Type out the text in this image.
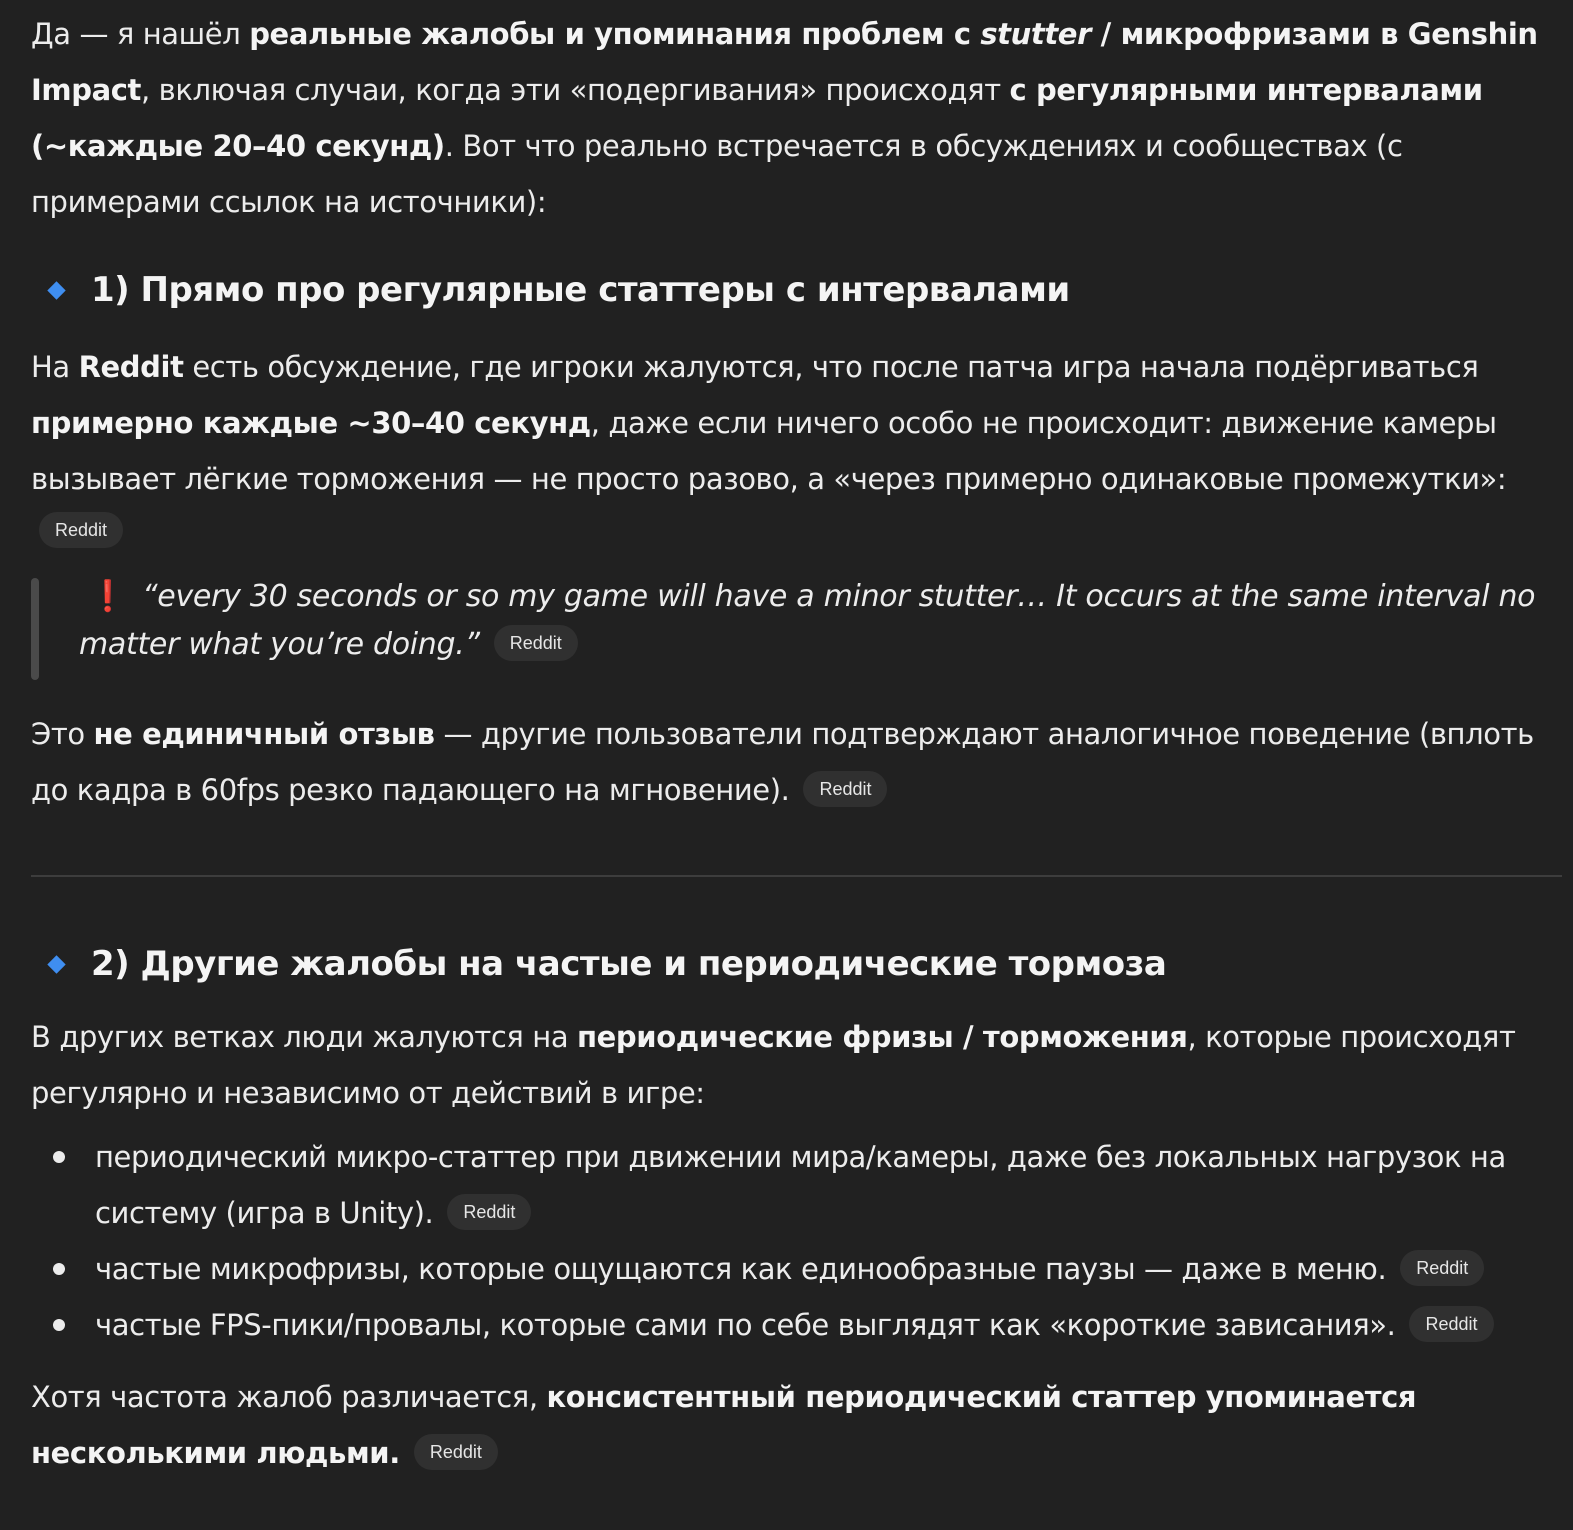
Да — я нашёл реальные жалобы и упоминания проблем с stutter / микрофризами в Genshin Impact, включая случаи, когда эти «подергивания» происходят с регулярными интервалами (~каждые 20–40 секунд). Вот что реально встречается в обсуждениях и сообществах (с примерами ссылок на источники):

1) Прямо про регулярные статтеры с интервалами

На Reddit есть обсуждение, где игроки жалуются, что после патча игра начала подёргиваться примерно каждые ~30–40 секунд, даже если ничего особо не происходит: движение камеры вызывает лёгкие торможения — не просто разово, а «через примерно одинаковые промежутки»:

Reddit
❗ “every 30 seconds or so my game will have a minor stutter… It occurs at the same interval no matter what you’re doing.” Reddit

Это не единичный отзыв — другие пользователи подтверждают аналогичное поведение (вплоть до кадра в 60fps резко падающего на мгновение). Reddit

2) Другие жалобы на частые и периодические тормоза

В других ветках люди жалуются на периодические фризы / торможения, которые происходят регулярно и независимо от действий в игре:

периодический микро-статтер при движении мира/камеры, даже без локальных нагрузок на систему (игра в Unity). Reddit
частые микрофризы, которые ощущаются как единообразные паузы — даже в меню. Reddit
частые FPS-пики/провалы, которые сами по себе выглядят как «короткие зависания». Reddit

Хотя частота жалоб различается, консистентный периодический статтер упоминается несколькими людьми. Reddit
